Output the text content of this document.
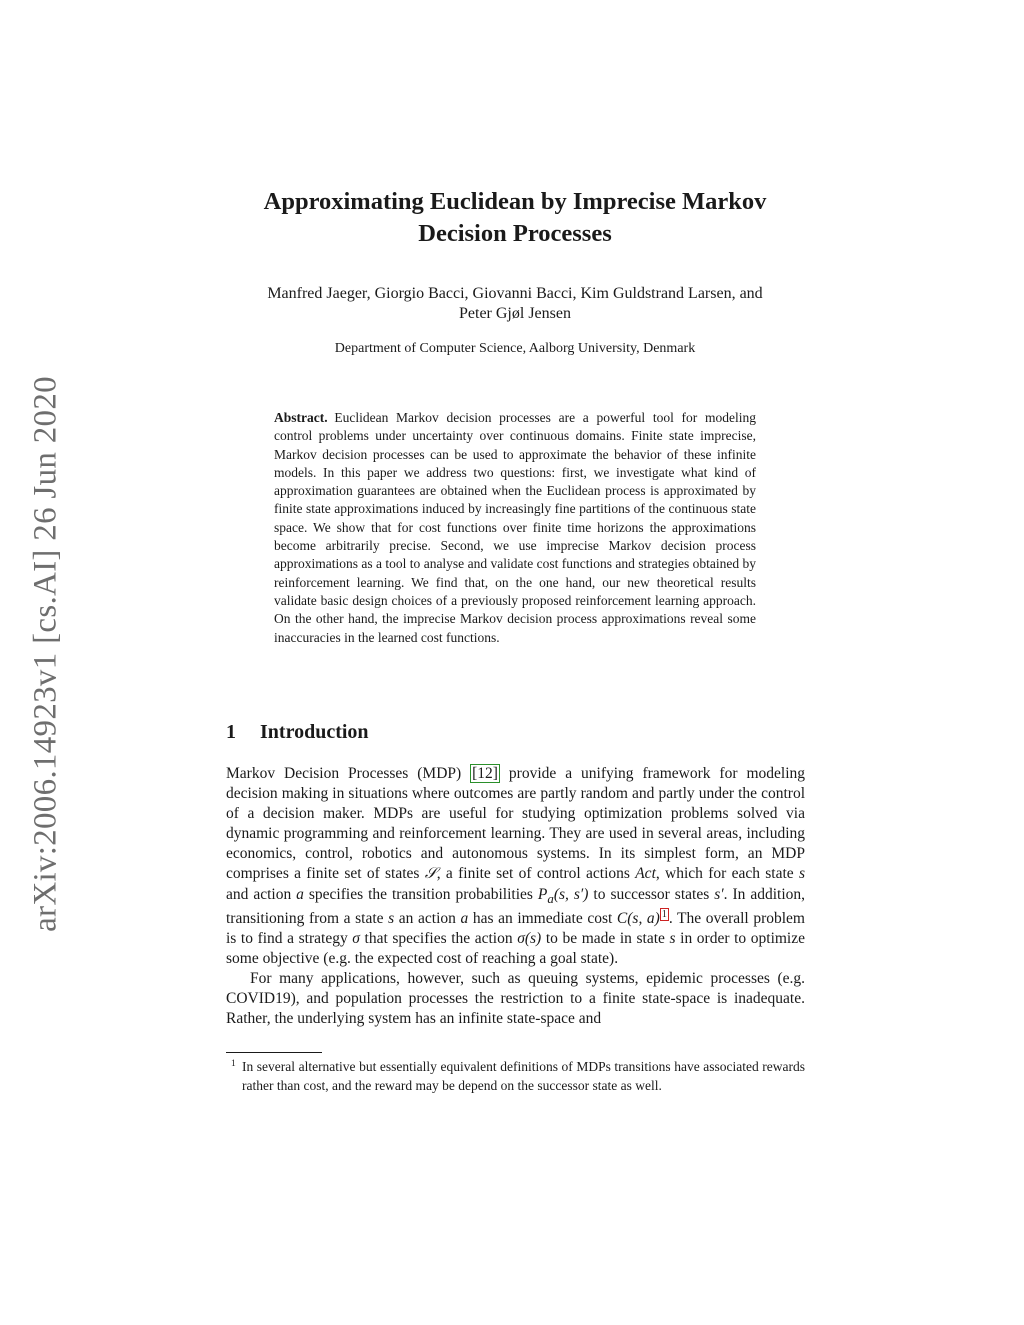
arXiv:2006.14923v1 [cs.AI] 26 Jun 2020
Approximating Euclidean by Imprecise Markov
Decision Processes
Manfred Jaeger, Giorgio Bacci, Giovanni Bacci, Kim Guldstrand Larsen, and
Peter Gjøl Jensen
Department of Computer Science, Aalborg University, Denmark
Abstract.  Euclidean Markov decision processes are a powerful tool for modeling control problems under uncertainty over continuous domains. Finite state imprecise, Markov decision processes can be used to approximate the behavior of these infinite models. In this paper we address two questions: first, we investigate what kind of approximation guarantees are obtained when the Euclidean process is approximated by finite state approximations induced by increasingly fine partitions of the continuous state space. We show that for cost functions over finite time horizons the approximations become arbitrarily precise. Second, we use imprecise Markov decision process approximations as a tool to analyse and validate cost functions and strategies obtained by reinforcement learning. We find that, on the one hand, our new theoretical results validate basic design choices of a previously proposed reinforcement learning approach. On the other hand, the imprecise Markov decision process approximations reveal some inaccuracies in the learned cost functions.
1 Introduction

Markov Decision Processes (MDP) [12] provide a unifying framework for modeling decision making in situations where outcomes are partly random and partly under the control of a decision maker. MDPs are useful for studying optimization problems solved via dynamic programming and reinforcement learning. They are used in several areas, including economics, control, robotics and autonomous systems. In its simplest form, an MDP comprises a finite set of states 𝒮, a finite set of control actions Act, which for each state s and action a specifies the transition probabilities $P_a(s$, s′) to successor states s′. In addition, transitioning from a state s an action a has an immediate cost C(s, a) $^1$ . The overall problem is to find a strategy σ that specifies the action σ(s) to be made in state s in order to optimize some objective (e.g. the expected cost of reaching a goal state).

For many applications, however, such as queuing systems, epidemic processes (e.g. COVID19), and population processes the restriction to a finite state-space is inadequate. Rather, the underlying system has an infinite state-space and

1 In several alternative but essentially equivalent definitions of MDPs transitions have associated rewards rather than cost, and the reward may be depend on the successor state as well.
